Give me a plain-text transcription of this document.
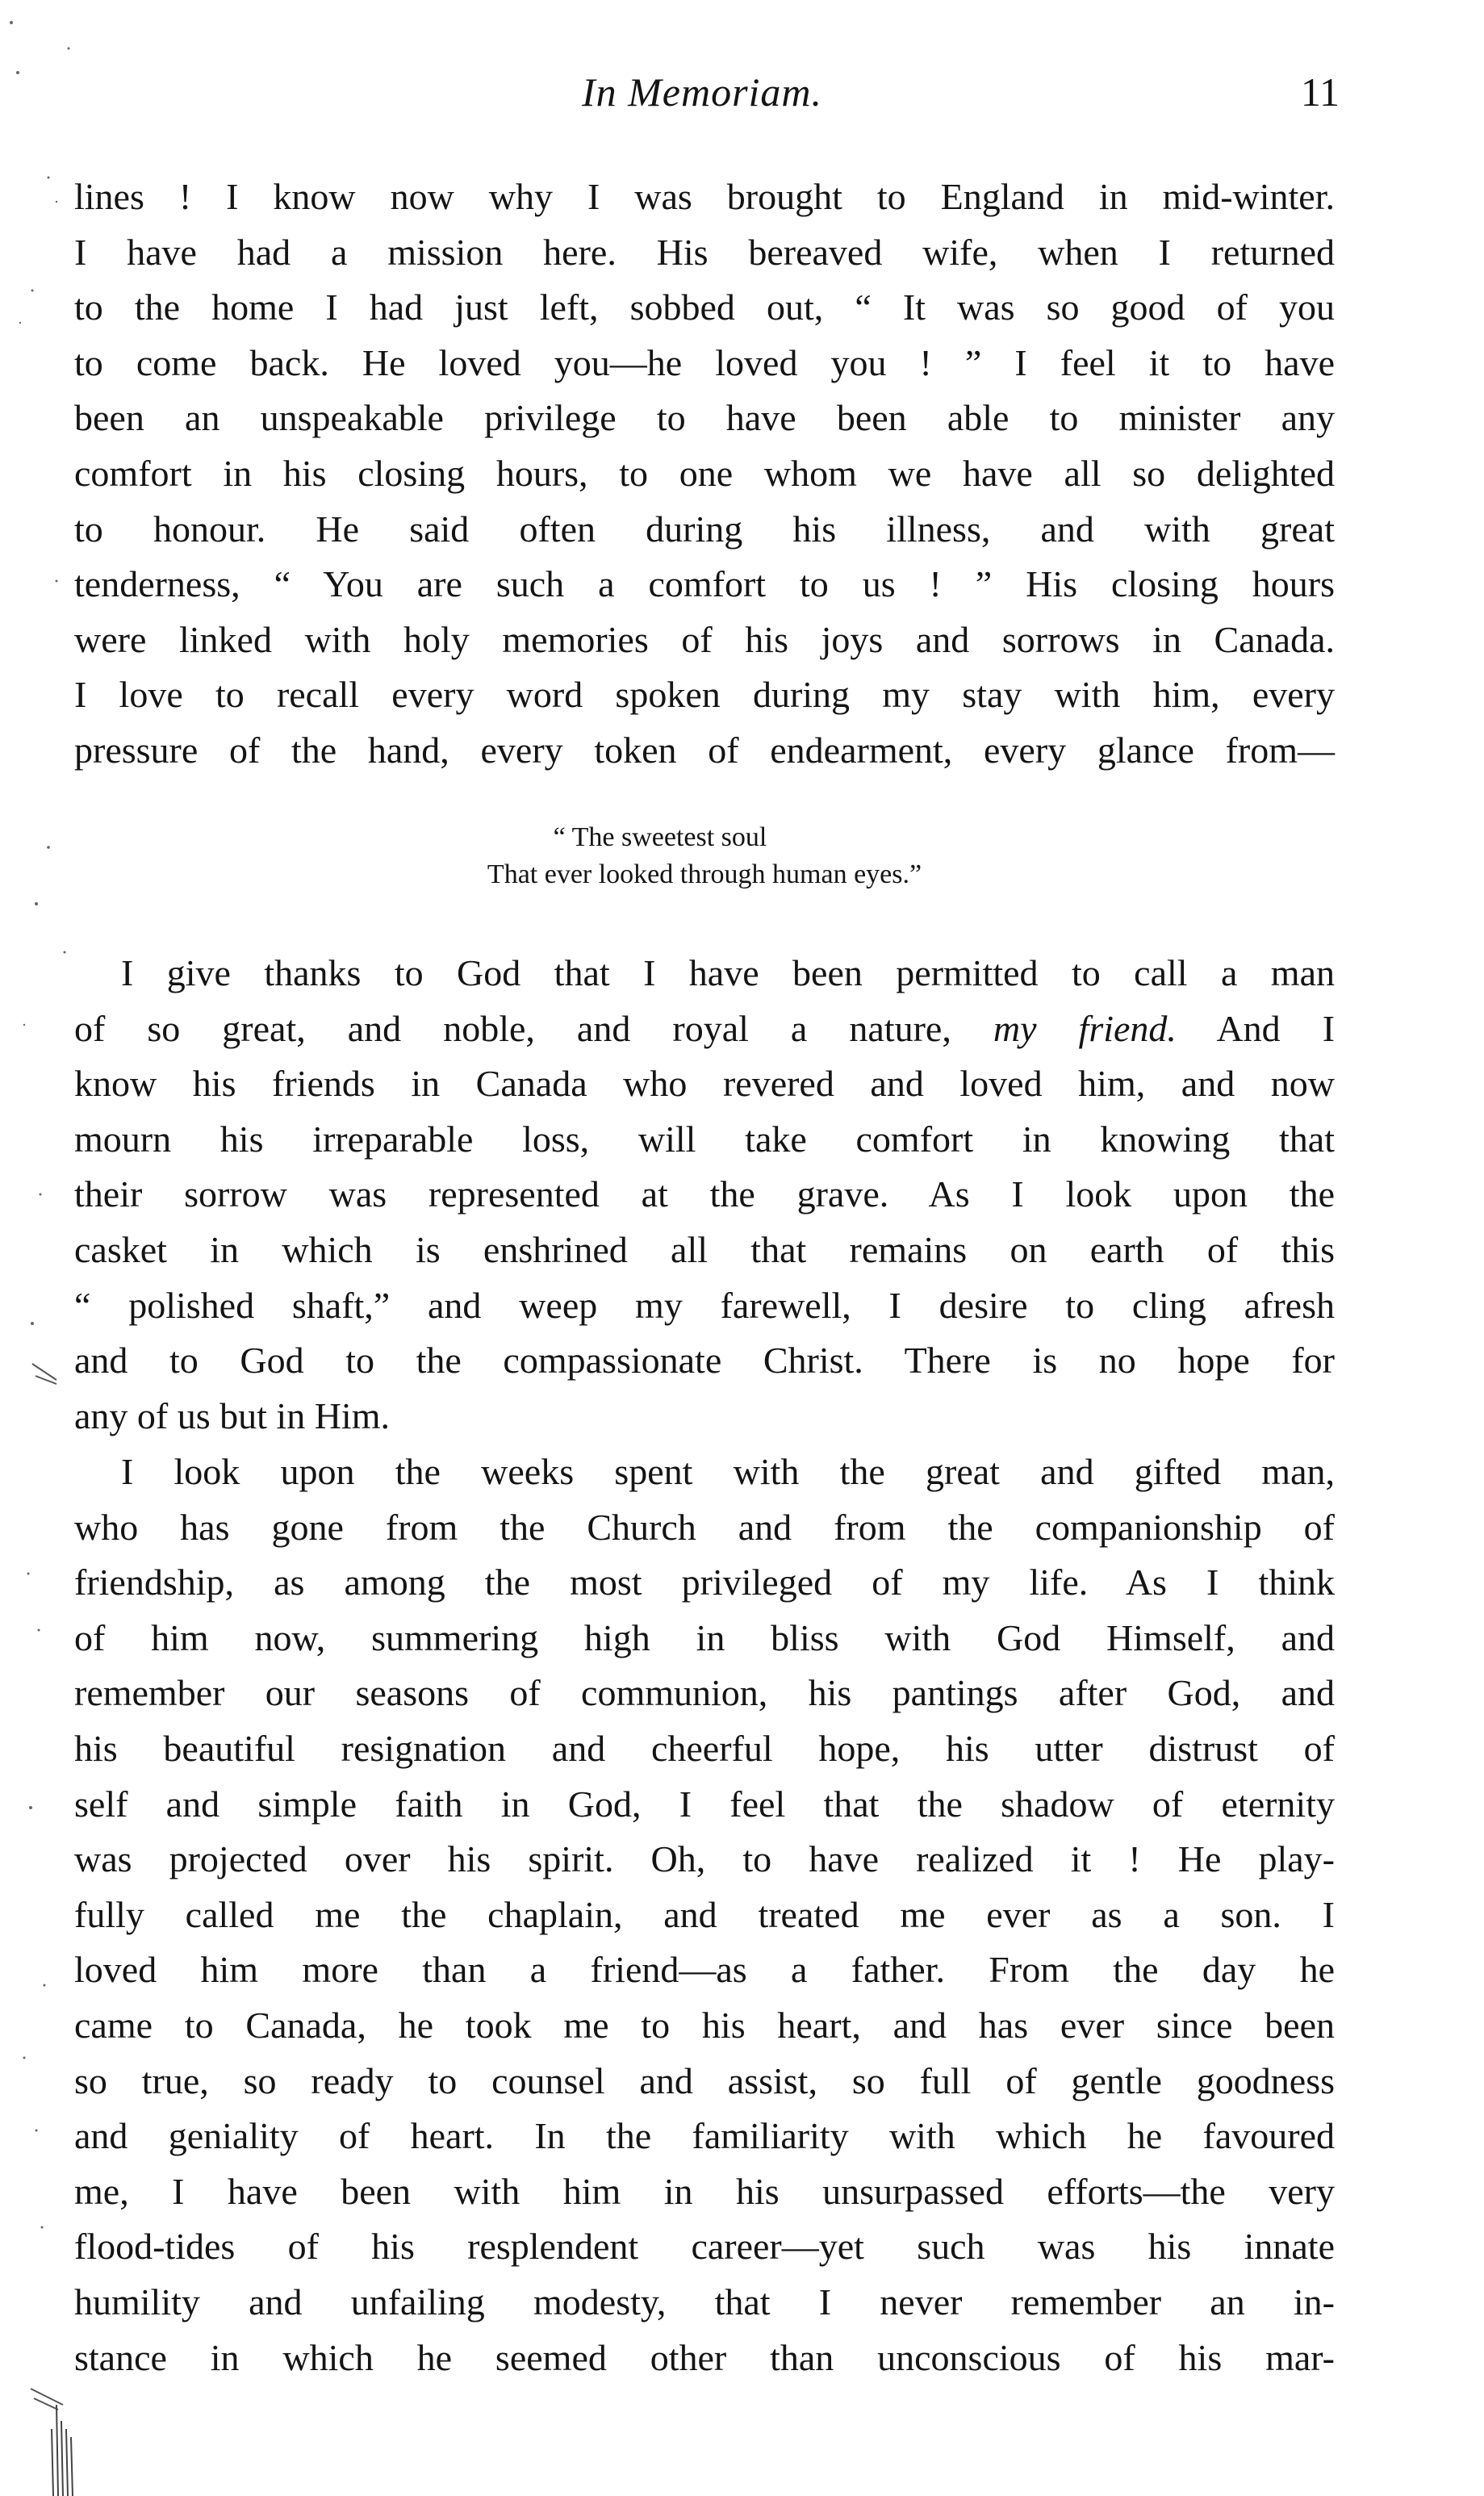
In Memoriam.	11
lines ! I know now why I was brought to England in mid-winter.
I have had a mission here. His bereaved wife, when I returned
to the home I had just left, sobbed out, “ It was so good of you
to come back. He loved you—he loved you ! ” I feel it to have
been an unspeakable privilege to have been able to minister any
comfort in his closing hours, to one whom we have all so delighted
to honour. He said often during his illness, and with great
tenderness, “ You are such a comfort to us ! ” His closing hours
were linked with holy memories of his joys and sorrows in Canada.
I love to recall every word spoken during my stay with him, every
pressure of the hand, every token of endearment, every glance from—
“ The sweetest soul
That ever looked through human eyes.”
I give thanks to God that I have been permitted to call a man
of so great, and noble, and royal a nature, my friend. And I
know his friends in Canada who revered and loved him, and now
mourn his irreparable loss, will take comfort in knowing that
their sorrow was represented at the grave. As I look upon the
casket in which is enshrined all that remains on earth of this
“ polished shaft,” and weep my farewell, I desire to cling afresh
and to God to the compassionate Christ. There is no hope for
any of us but in Him.
I look upon the weeks spent with the great and gifted man,
who has gone from the Church and from the companionship of
friendship, as among the most privileged of my life. As I think
of him now, summering high in bliss with God Himself, and
remember our seasons of communion, his pantings after God, and
his beautiful resignation and cheerful hope, his utter distrust of
self and simple faith in God, I feel that the shadow of eternity
was projected over his spirit. Oh, to have realized it ! He play-
fully called me the chaplain, and treated me ever as a son. I
loved him more than a friend—as a father. From the day he
came to Canada, he took me to his heart, and has ever since been
so true, so ready to counsel and assist, so full of gentle goodness
and geniality of heart. In the familiarity with which he favoured
me, I have been with him in his unsurpassed efforts—the very
flood-tides of his resplendent career—yet such was his innate
humility and unfailing modesty, that I never remember an in-
stance in which he seemed other than unconscious of his mar-
